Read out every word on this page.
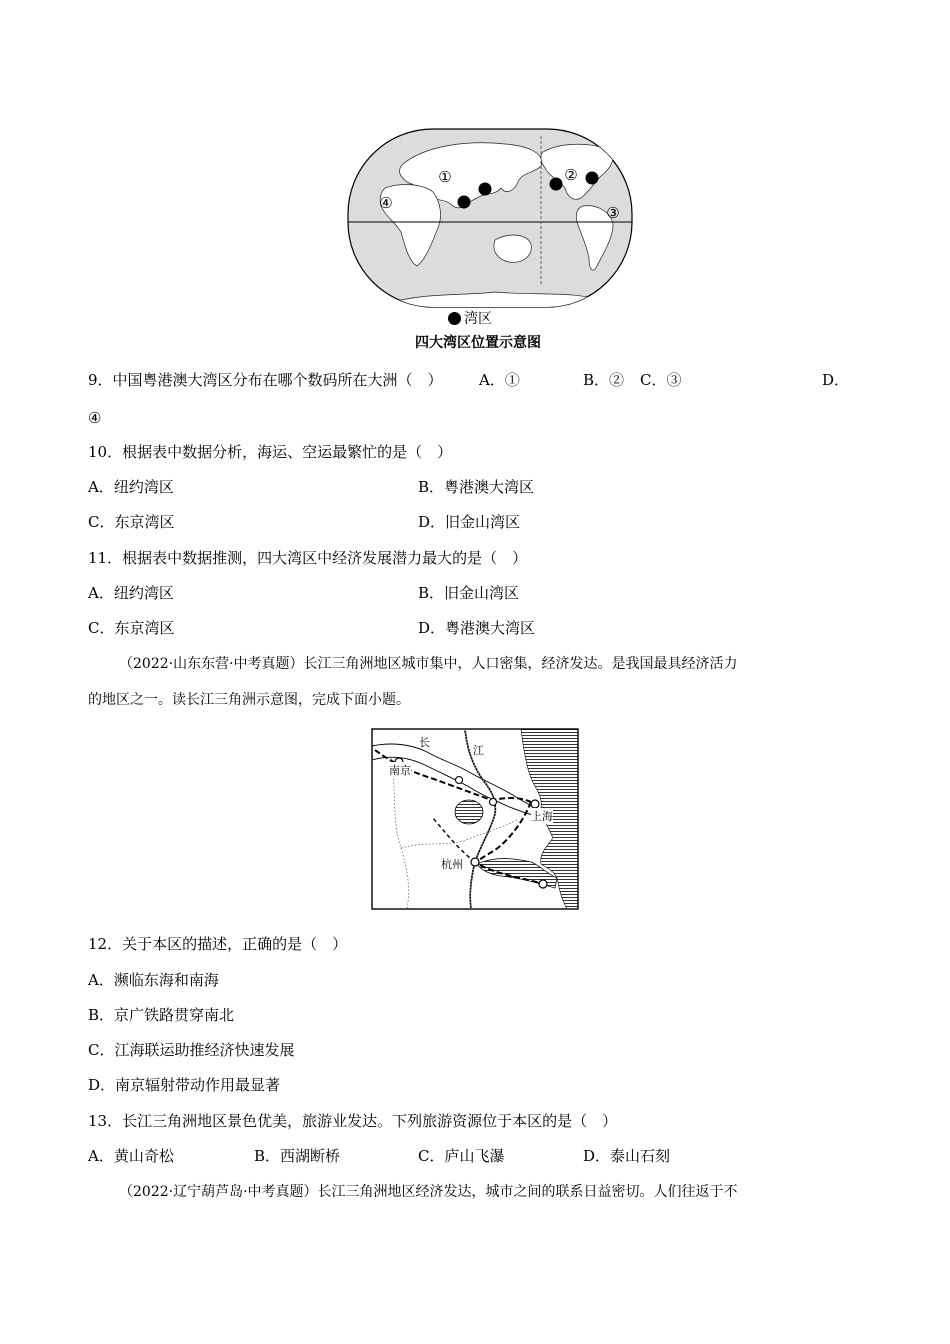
①	②
③
④
湾区
四大湾区位置示意图
9．中国粤港澳大湾区分布在哪个数码所在大洲（　） A．①	B．② C．③	D．
④
10．根据表中数据分析，海运、空运最繁忙的是（　）
A．纽约湾区	B．粤港澳大湾区
C．东京湾区	D．旧金山湾区
11．根据表中数据推测，四大湾区中经济发展潜力最大的是（　）
A．纽约湾区	B．旧金山湾区
C．东京湾区	D．粤港澳大湾区
（2022·山东东营·中考真题）长江三角洲地区城市集中，人口密集，经济发达。是我国最具经济活力
的地区之一。读长江三角洲示意图，完成下面小题。
长
江
南京
上海
杭州
12．关于本区的描述，正确的是（　）
A．濒临东海和南海
B．京广铁路贯穿南北
C．江海联运助推经济快速发展
D．南京辐射带动作用最显著
13．长江三角洲地区景色优美，旅游业发达。下列旅游资源位于本区的是（　）
A．黄山奇松	B．西湖断桥	C．庐山飞瀑	D．泰山石刻
（2022·辽宁葫芦岛·中考真题）长江三角洲地区经济发达，城市之间的联系日益密切。人们往返于不
